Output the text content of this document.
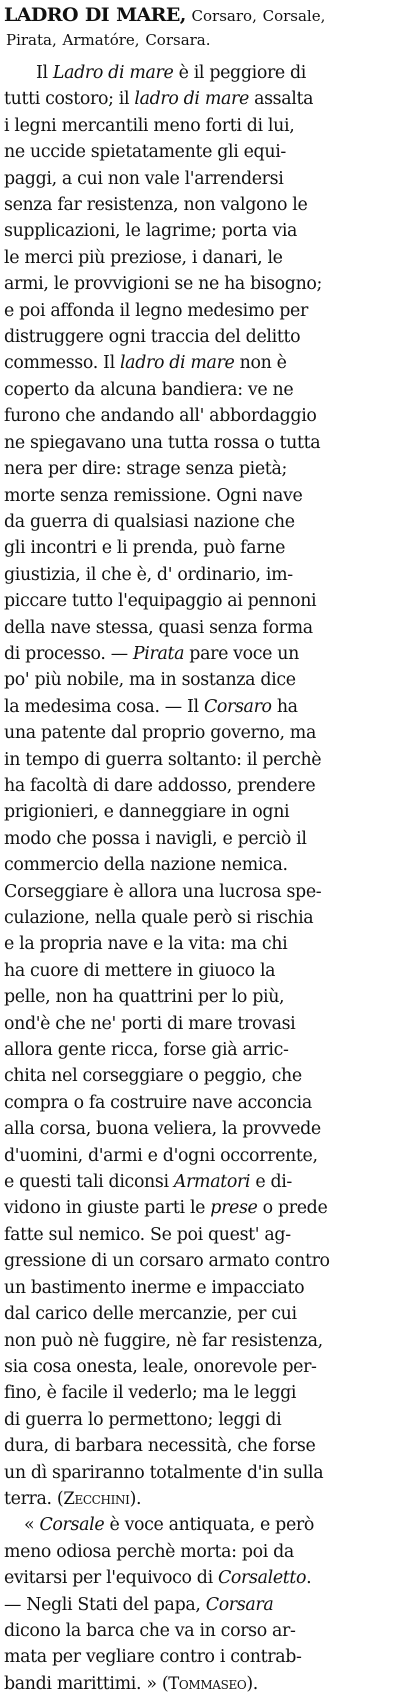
LADRO DI MARE, Corsaro, Corsale,
Pirata, Armatóre, Corsara.
Il Ladro di mare è il peggiore di
tutti costoro; il ladro di mare assalta
i legni mercantili meno forti di lui,
ne uccide spietatamente gli equi-
paggi, a cui non vale l'arrendersi
senza far resistenza, non valgono le
supplicazioni, le lagrime; porta via
le merci più preziose, i danari, le
armi, le provvigioni se ne ha bisogno;
e poi affonda il legno medesimo per
distruggere ogni traccia del delitto
commesso. Il ladro di mare non è
coperto da alcuna bandiera: ve ne
furono che andando all' abbordaggio
ne spiegavano una tutta rossa o tutta
nera per dire: strage senza pietà;
morte senza remissione. Ogni nave
da guerra di qualsiasi nazione che
gli incontri e li prenda, può farne
giustizia, il che è, d' ordinario, im-
piccare tutto l'equipaggio ai pennoni
della nave stessa, quasi senza forma
di processo. — Pirata pare voce un
po' più nobile, ma in sostanza dice
la medesima cosa. — Il Corsaro ha
una patente dal proprio governo, ma
in tempo di guerra soltanto: il perchè
ha facoltà di dare addosso, prendere
prigionieri, e danneggiare in ogni
modo che possa i navigli, e perciò il
commercio della nazione nemica.
Corseggiare è allora una lucrosa spe-
culazione, nella quale però si rischia
e la propria nave e la vita: ma chi
ha cuore di mettere in giuoco la
pelle, non ha quattrini per lo più,
ond'è che ne' porti di mare trovasi
allora gente ricca, forse già arric-
chita nel corseggiare o peggio, che
compra o fa costruire nave acconcia
alla corsa, buona veliera, la provvede
d'uomini, d'armi e d'ogni occorrente,
e questi tali diconsi Armatori e di-
vidono in giuste parti le prese o prede
fatte sul nemico. Se poi quest' ag-
gressione di un corsaro armato contro
un bastimento inerme e impacciato
dal carico delle mercanzie, per cui
non può nè fuggire, nè far resistenza,
sia cosa onesta, leale, onorevole per-
fino, è facile il vederlo; ma le leggi
di guerra lo permettono; leggi di
dura, di barbara necessità, che forse
un dì spariranno totalmente d'in sulla
terra. (Zecchini).
« Corsale è voce antiquata, e però
meno odiosa perchè morta: poi da
evitarsi per l'equivoco di Corsaletto.
— Negli Stati del papa, Corsara
dicono la barca che va in corso ar-
mata per vegliare contro i contrab-
bandi marittimi. » (Tommaseo).
